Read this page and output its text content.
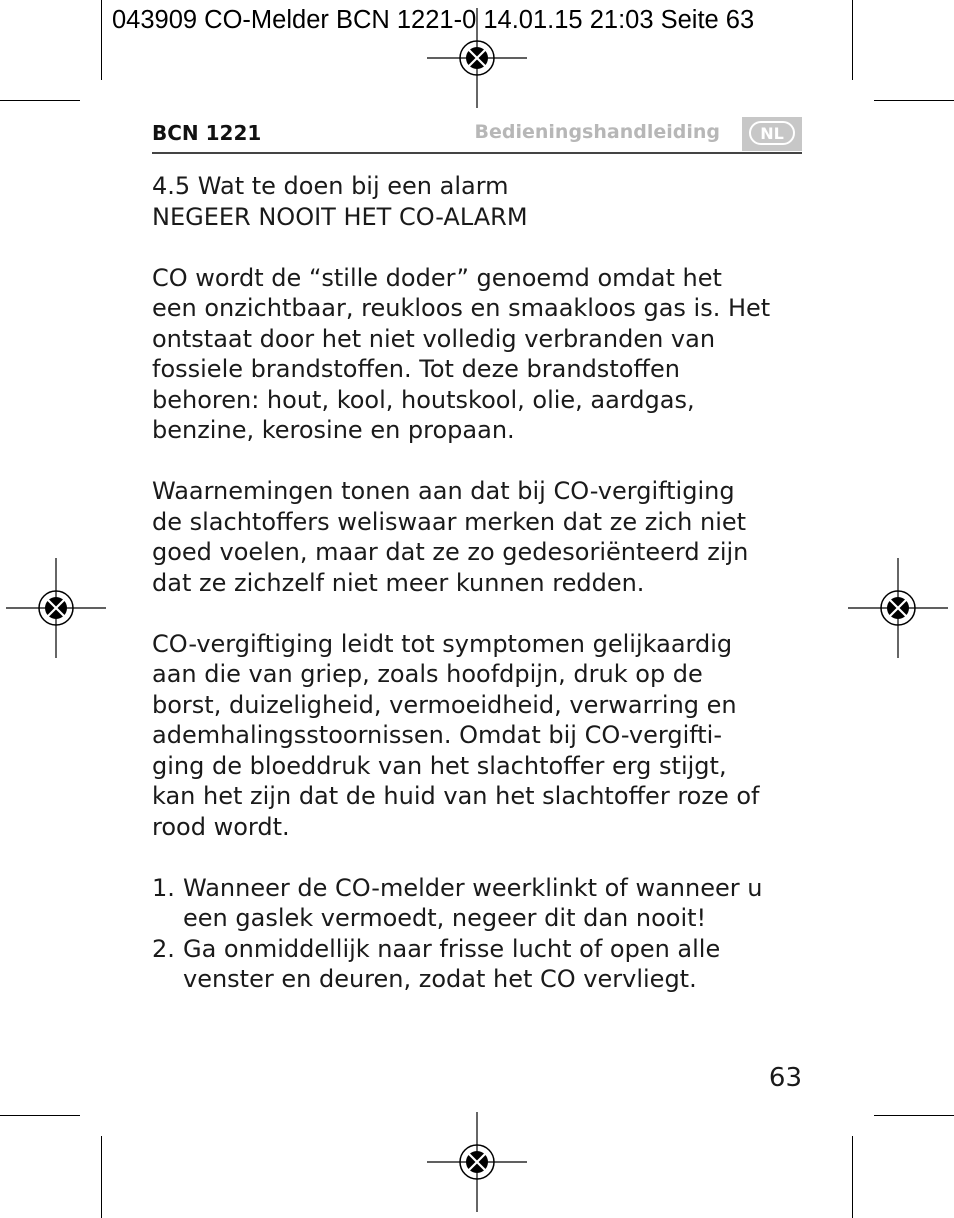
043909 CO-Melder BCN 1221-0 14.01.15 21:03 Seite 63

BCN 1221	Bedieningshandleiding	NL

4.5 Wat te doen bij een alarm
NEGEER NOOIT HET CO-ALARM

CO wordt de “stille doder” genoemd omdat het
een onzichtbaar, reukloos en smaakloos gas is. Het
ontstaat door het niet volledig verbranden van
fossiele brandstoffen. Tot deze brandstoffen
behoren: hout, kool, houtskool, olie, aardgas,
benzine, kerosine en propaan.

Waarnemingen tonen aan dat bij CO-vergiftiging
de slachtoffers weliswaar merken dat ze zich niet
goed voelen, maar dat ze zo gedesoriënteerd zijn
dat ze zichzelf niet meer kunnen redden.

CO-vergiftiging leidt tot symptomen gelijkaardig
aan die van griep, zoals hoofdpijn, druk op de
borst, duizeligheid, vermoeidheid, verwarring en
ademhalingsstoornissen. Omdat bij CO-vergifti-
ging de bloeddruk van het slachtoffer erg stijgt,
kan het zijn dat de huid van het slachtoffer roze of
rood wordt.

1. Wanneer de CO-melder weerklinkt of wanneer u
een gaslek vermoedt, negeer dit dan nooit!
2. Ga onmiddellijk naar frisse lucht of open alle
venster en deuren, zodat het CO vervliegt.
63
